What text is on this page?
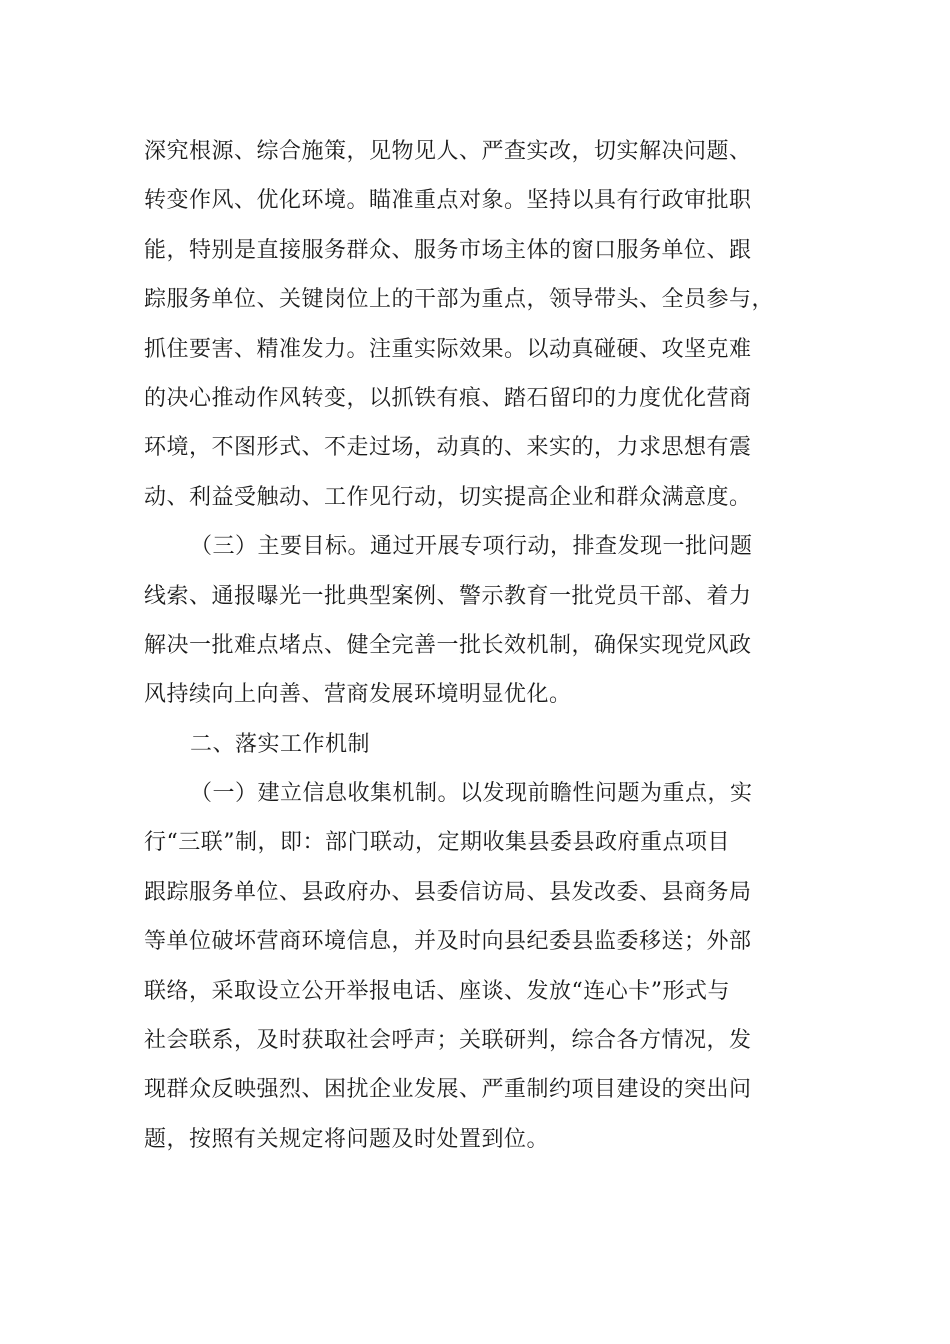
深究根源、综合施策，见物见人、严查实改，切实解决问题、
转变作风、优化环境。瞄准重点对象。坚持以具有行政审批职
能，特别是直接服务群众、服务市场主体的窗口服务单位、跟
踪服务单位、关键岗位上的干部为重点，领导带头、全员参与，
抓住要害、精准发力。注重实际效果。以动真碰硬、攻坚克难
的决心推动作风转变，以抓铁有痕、踏石留印的力度优化营商
环境，不图形式、不走过场，动真的、来实的，力求思想有震
动、利益受触动、工作见行动，切实提高企业和群众满意度。
（三）主要目标。通过开展专项行动，排查发现一批问题
线索、通报曝光一批典型案例、警示教育一批党员干部、着力
解决一批难点堵点、健全完善一批长效机制，确保实现党风政
风持续向上向善、营商发展环境明显优化。
二、落实工作机制
（一）建立信息收集机制。以发现前瞻性问题为重点，实
行“三联”制，即：部门联动，定期收集县委县政府重点项目
跟踪服务单位、县政府办、县委信访局、县发改委、县商务局
等单位破坏营商环境信息，并及时向县纪委县监委移送；外部
联络，采取设立公开举报电话、座谈、发放“连心卡”形式与
社会联系，及时获取社会呼声；关联研判，综合各方情况，发
现群众反映强烈、困扰企业发展、严重制约项目建设的突出问
题，按照有关规定将问题及时处置到位。
